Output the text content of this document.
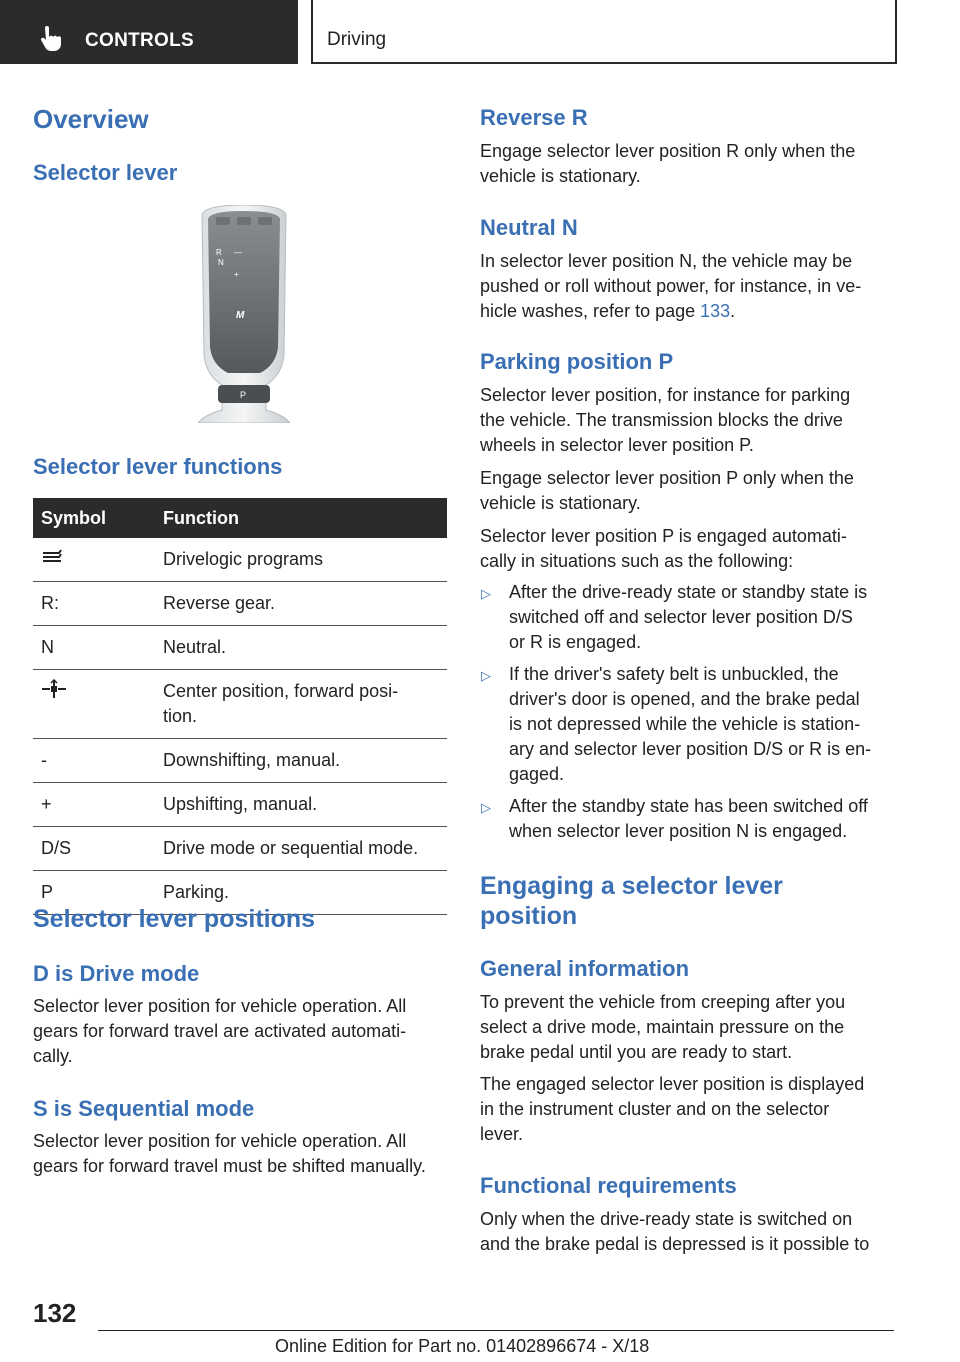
CONTROLS	Driving
Overview
Selector lever
R —
N
+
M
P
Selector lever functions
Symbol	Function
	Drivelogic programs
R:	Reverse gear.
N	Neutral.
	Center position, forward posi-
tion.
-	Downshifting, manual.
+	Upshifting, manual.
D/S	Drive mode or sequential mode.
P	Parking.
Selector lever positions
D is Drive mode
Selector lever position for vehicle operation. All
gears for forward travel are activated automati-
cally.
S is Sequential mode
Selector lever position for vehicle operation. All
gears for forward travel must be shifted manually.
Reverse R
Engage selector lever position R only when the
vehicle is stationary.
Neutral N
In selector lever position N, the vehicle may be
pushed or roll without power, for instance, in ve-
hicle washes, refer to page 133.
Parking position P
Selector lever position, for instance for parking
the vehicle. The transmission blocks the drive
wheels in selector lever position P.
Engage selector lever position P only when the
vehicle is stationary.
Selector lever position P is engaged automati-
cally in situations such as the following:
▷ After the drive-ready state or standby state is
switched off and selector lever position D/S
or R is engaged.
▷ If the driver's safety belt is unbuckled, the
driver's door is opened, and the brake pedal
is not depressed while the vehicle is station-
ary and selector lever position D/S or R is en-
gaged.
▷ After the standby state has been switched off
when selector lever position N is engaged.
Engaging a selector lever
position
General information
To prevent the vehicle from creeping after you
select a drive mode, maintain pressure on the
brake pedal until you are ready to start.
The engaged selector lever position is displayed
in the instrument cluster and on the selector
lever.
Functional requirements
Only when the drive-ready state is switched on
and the brake pedal is depressed is it possible to
132
Online Edition for Part no. 01402896674 - X/18
